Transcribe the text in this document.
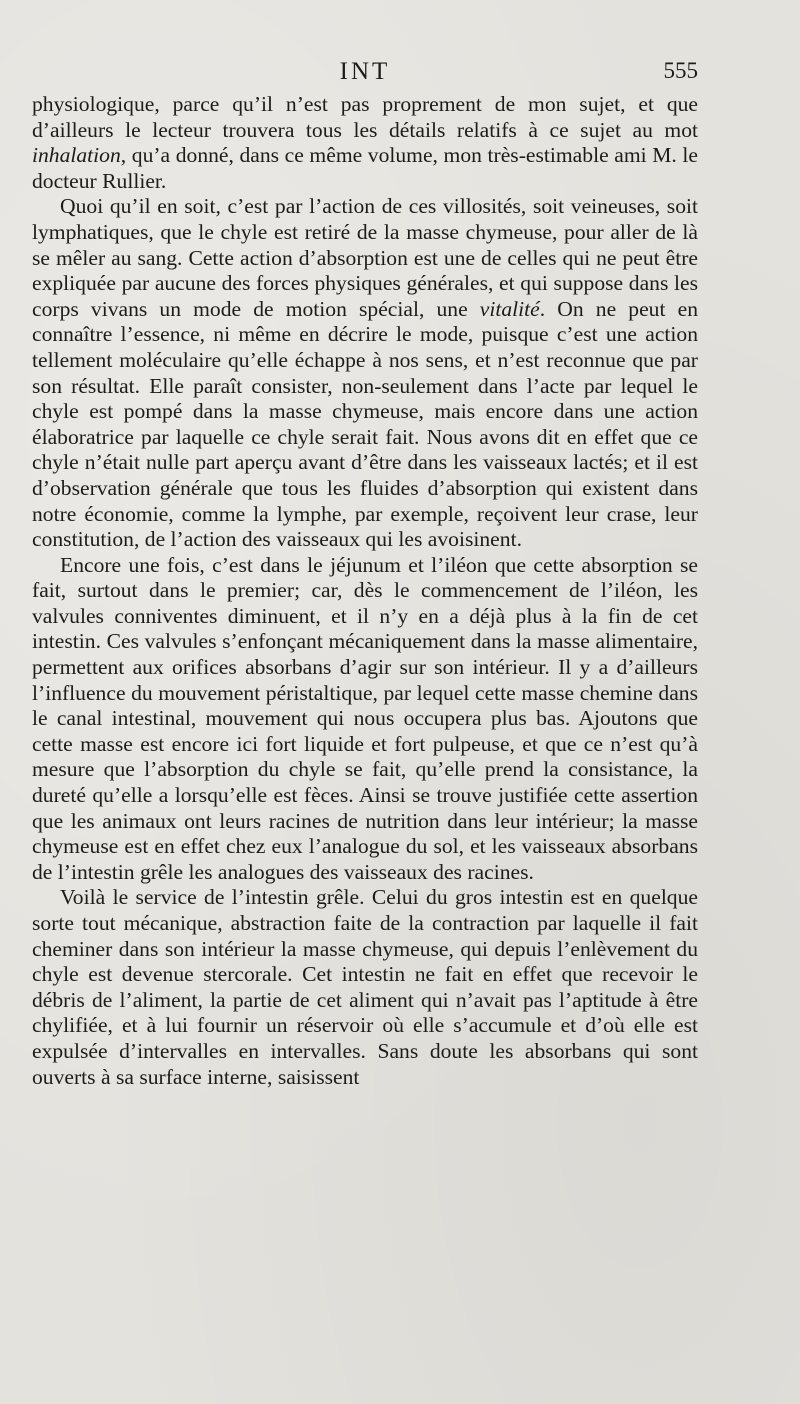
INT	555

physiologique, parce qu’il n’est pas proprement de mon sujet, et que d’ailleurs le lecteur trouvera tous les détails relatifs à ce sujet au mot inhalation, qu’a donné, dans ce même volume, mon très-estimable ami M. le docteur Rullier.

Quoi qu’il en soit, c’est par l’action de ces villosités, soit veineuses, soit lymphatiques, que le chyle est retiré de la masse chymeuse, pour aller de là se mêler au sang. Cette action d’absorption est une de celles qui ne peut être expliquée par aucune des forces physiques générales, et qui suppose dans les corps vivans un mode de motion spécial, une vitalité. On ne peut en connaître l’essence, ni même en décrire le mode, puisque c’est une action tellement moléculaire qu’elle échappe à nos sens, et n’est reconnue que par son résultat. Elle paraît consister, non-seulement dans l’acte par lequel le chyle est pompé dans la masse chymeuse, mais encore dans une action élaboratrice par laquelle ce chyle serait fait. Nous avons dit en effet que ce chyle n’était nulle part aperçu avant d’être dans les vaisseaux lactés; et il est d’observation générale que tous les fluides d’absorption qui existent dans notre économie, comme la lymphe, par exemple, reçoivent leur crase, leur constitution, de l’action des vaisseaux qui les avoisinent.

Encore une fois, c’est dans le jéjunum et l’iléon que cette absorption se fait, surtout dans le premier; car, dès le commencement de l’iléon, les valvules conniventes diminuent, et il n’y en a déjà plus à la fin de cet intestin. Ces valvules s’enfonçant mécaniquement dans la masse alimentaire, permettent aux orifices absorbans d’agir sur son intérieur. Il y a d’ailleurs l’influence du mouvement péristaltique, par lequel cette masse chemine dans le canal intestinal, mouvement qui nous occupera plus bas. Ajoutons que cette masse est encore ici fort liquide et fort pulpeuse, et que ce n’est qu’à mesure que l’absorption du chyle se fait, qu’elle prend la consistance, la dureté qu’elle a lorsqu’elle est fèces. Ainsi se trouve justifiée cette assertion que les animaux ont leurs racines de nutrition dans leur intérieur; la masse chymeuse est en effet chez eux l’analogue du sol, et les vaisseaux absorbans de l’intestin grêle les analogues des vaisseaux des racines.

Voilà le service de l’intestin grêle. Celui du gros intestin est en quelque sorte tout mécanique, abstraction faite de la contraction par laquelle il fait cheminer dans son intérieur la masse chymeuse, qui depuis l’enlèvement du chyle est devenue stercorale. Cet intestin ne fait en effet que recevoir le débris de l’aliment, la partie de cet aliment qui n’avait pas l’aptitude à être chylifiée, et à lui fournir un réservoir où elle s’accumule et d’où elle est expulsée d’intervalles en intervalles. Sans doute les absorbans qui sont ouverts à sa surface interne, saisissent
